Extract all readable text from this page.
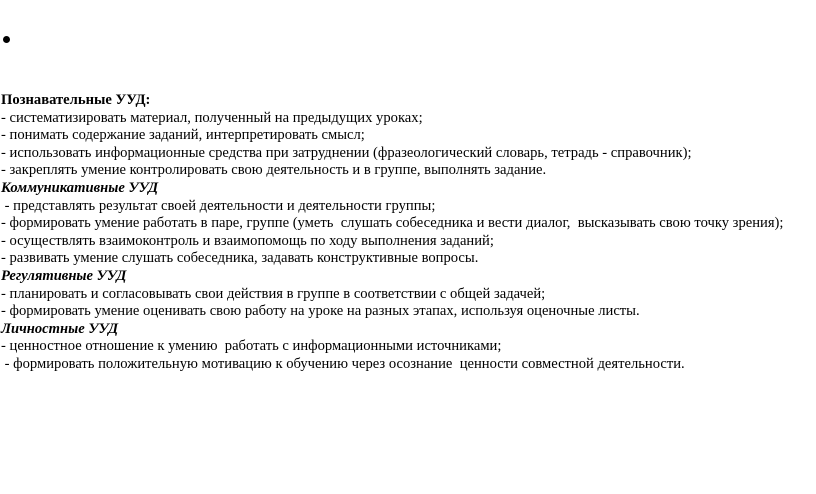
Познавательные УУД:
- систематизировать материал, полученный на предыдущих уроках;
- понимать содержание заданий, интерпретировать смысл;
- использовать информационные средства при затруднении (фразеологический словарь, тетрадь - справочник);
- закреплять умение контролировать свою деятельность и в группе, выполнять задание.
Коммуникативные УУД
- представлять результат своей деятельности и деятельности группы;
- формировать умение работать в паре, группе (уметь  слушать собеседника и вести диалог,  высказывать свою точку зрения);
- осуществлять взаимоконтроль и взаимопомощь по ходу выполнения заданий;
- развивать умение слушать собеседника, задавать конструктивные вопросы.
Регулятивные УУД
- планировать и согласовывать свои действия в группе в соответствии с общей задачей;
- формировать умение оценивать свою работу на уроке на разных этапах, используя оценочные листы.
Личностные УУД
- ценностное отношение к умению  работать с информационными источниками;
- формировать положительную мотивацию к обучению через осознание  ценности совместной деятельности.
